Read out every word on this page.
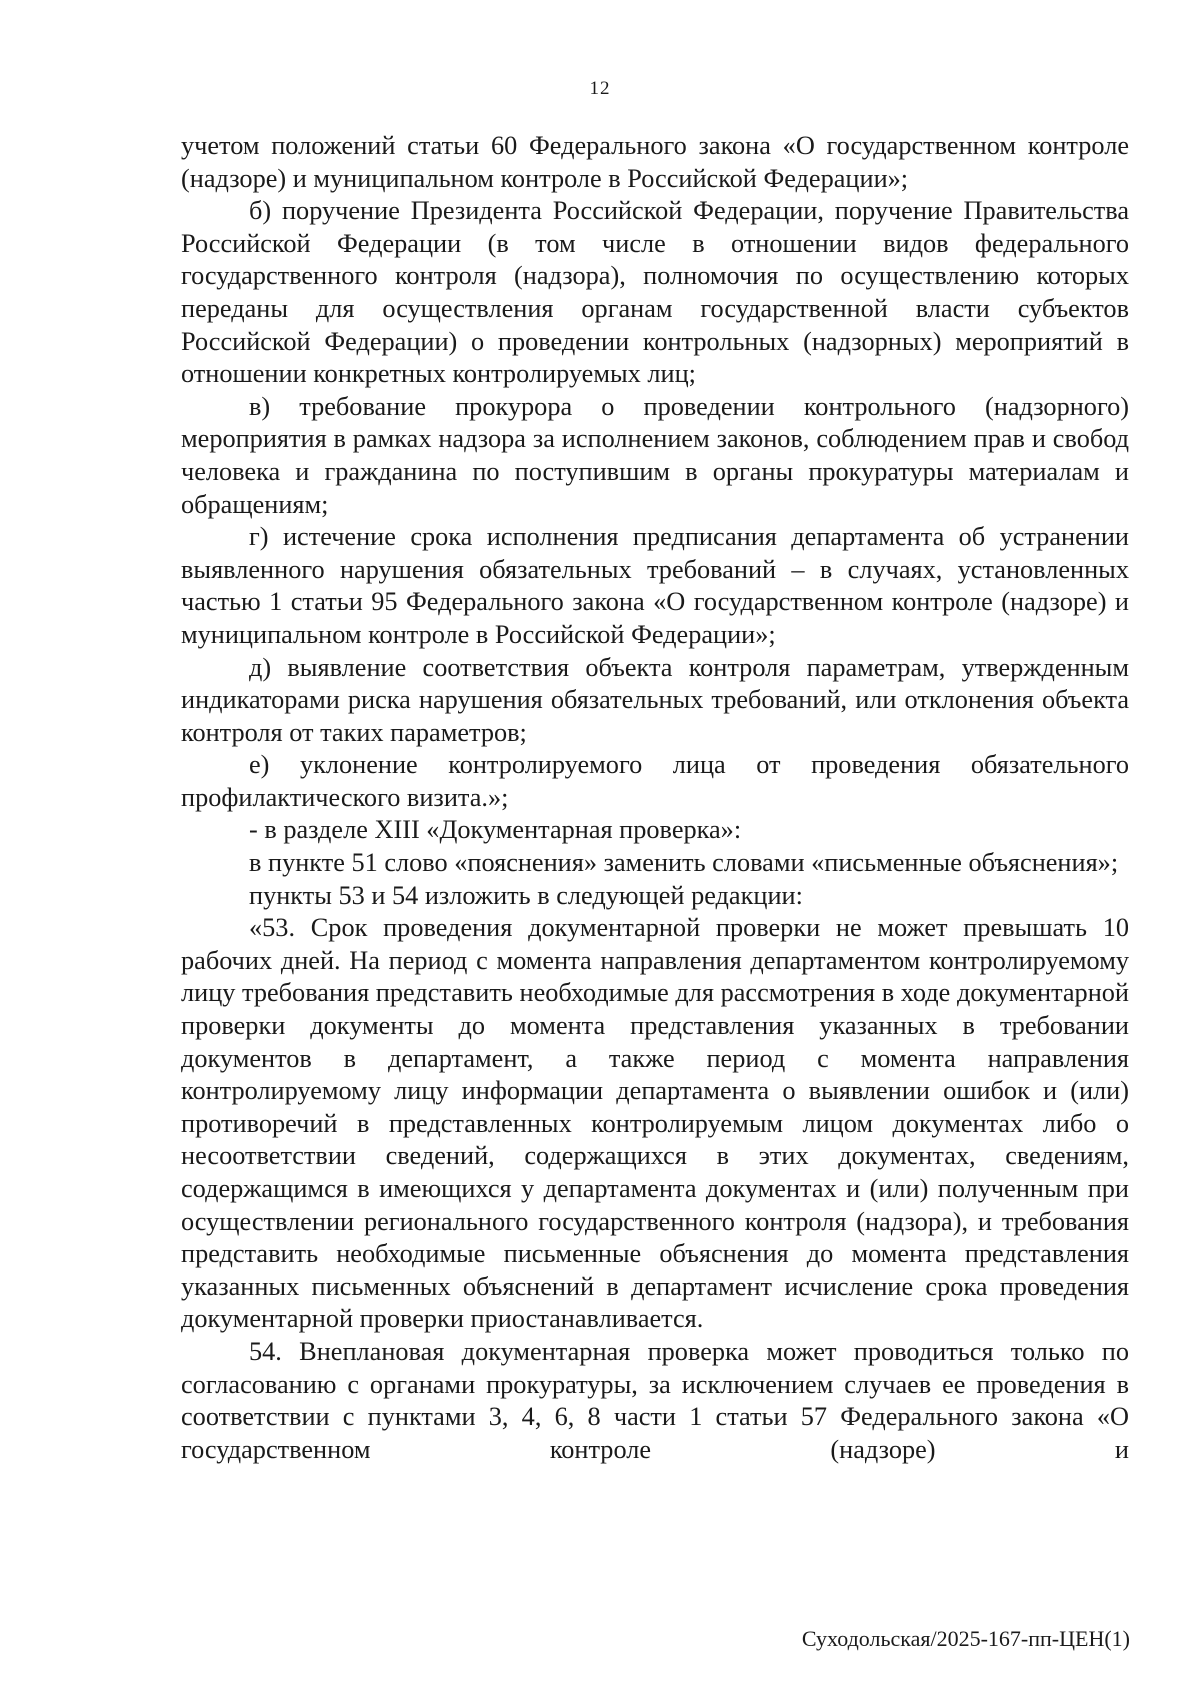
12

учетом положений статьи 60 Федерального закона «О государственном контроле (надзоре) и муниципальном контроле в Российской Федерации»;

б) поручение Президента Российской Федерации, поручение Правительства Российской Федерации (в том числе в отношении видов федерального государственного контроля (надзора), полномочия по осуществлению которых переданы для осуществления органам государственной власти субъектов Российской Федерации) о проведении контрольных (надзорных) мероприятий в отношении конкретных контролируемых лиц;

в) требование прокурора о проведении контрольного (надзорного) мероприятия в рамках надзора за исполнением законов, соблюдением прав и свобод человека и гражданина по поступившим в органы прокуратуры материалам и обращениям;

г) истечение срока исполнения предписания департамента об устранении выявленного нарушения обязательных требований – в случаях, установленных частью 1 статьи 95 Федерального закона «О государственном контроле (надзоре) и муниципальном контроле в Российской Федерации»;

д) выявление соответствия объекта контроля параметрам, утвержденным индикаторами риска нарушения обязательных требований, или отклонения объекта контроля от таких параметров;

е) уклонение контролируемого лица от проведения обязательного профилактического визита.»;

- в разделе XIII «Документарная проверка»:

в пункте 51 слово «пояснения» заменить словами «письменные объяснения»;

пункты 53 и 54 изложить в следующей редакции:

«53. Срок проведения документарной проверки не может превышать 10 рабочих дней. На период с момента направления департаментом контролируемому лицу требования представить необходимые для рассмотрения в ходе документарной проверки документы до момента представления указанных в требовании документов в департамент, а также период с момента направления контролируемому лицу информации департамента о выявлении ошибок и (или) противоречий в представленных контролируемым лицом документах либо о несоответствии сведений, содержащихся в этих документах, сведениям, содержащимся в имеющихся у департамента документах и (или) полученным при осуществлении регионального государственного контроля (надзора), и требования представить необходимые письменные объяснения до момента представления указанных письменных объяснений в департамент исчисление срока проведения документарной проверки приостанавливается.

54. Внеплановая документарная проверка может проводиться только по согласованию с органами прокуратуры, за исключением случаев ее проведения в соответствии с пунктами 3, 4, 6, 8 части 1 статьи 57 Федерального закона «О государственном контроле (надзоре) и

Суходольская/2025-167-пп-ЦЕН(1)
